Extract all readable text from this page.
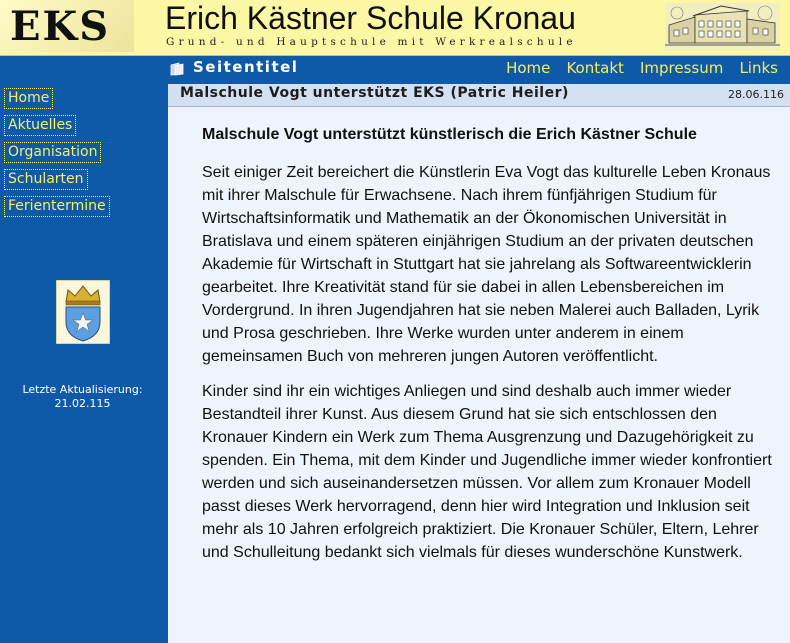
EKS Erich Kästner Schule Kronau
Grund- und Hauptschule mit Werkrealschule
Seitentitel	Home Kontakt Impressum Links
Home
Aktuelles
Organisation
Schularten
Ferientermine
Letzte Aktualisierung:
21.02.115
Malschule Vogt unterstützt EKS (Patric Heiler)	28.06.116

Malschule Vogt unterstützt künstlerisch die Erich Kästner Schule

Seit einiger Zeit bereichert die Künstlerin Eva Vogt das kulturelle Leben Kronaus mit ihrer Malschule für Erwachsene. Nach ihrem fünfjährigen Studium für Wirtschaftsinformatik und Mathematik an der Ökonomischen Universität in Bratislava und einem späteren einjährigen Studium an der privaten deutschen Akademie für Wirtschaft in Stuttgart hat sie jahrelang als Softwareentwicklerin gearbeitet. Ihre Kreativität stand für sie dabei in allen Lebensbereichen im Vordergrund. In ihren Jugendjahren hat sie neben Malerei auch Balladen, Lyrik und Prosa geschrieben. Ihre Werke wurden unter anderem in einem gemeinsamen Buch von mehreren jungen Autoren veröffentlicht.

Kinder sind ihr ein wichtiges Anliegen und sind deshalb auch immer wieder Bestandteil ihrer Kunst. Aus diesem Grund hat sie sich entschlossen den Kronauer Kindern ein Werk zum Thema Ausgrenzung und Dazugehörigkeit zu spenden. Ein Thema, mit dem Kinder und Jugendliche immer wieder konfrontiert werden und sich auseinandersetzen müssen. Vor allem zum Kronauer Modell passt dieses Werk hervorragend, denn hier wird Integration und Inklusion seit mehr als 10 Jahren erfolgreich praktiziert. Die Kronauer Schüler, Eltern, Lehrer und Schulleitung bedankt sich vielmals für dieses wunderschöne Kunstwerk.
